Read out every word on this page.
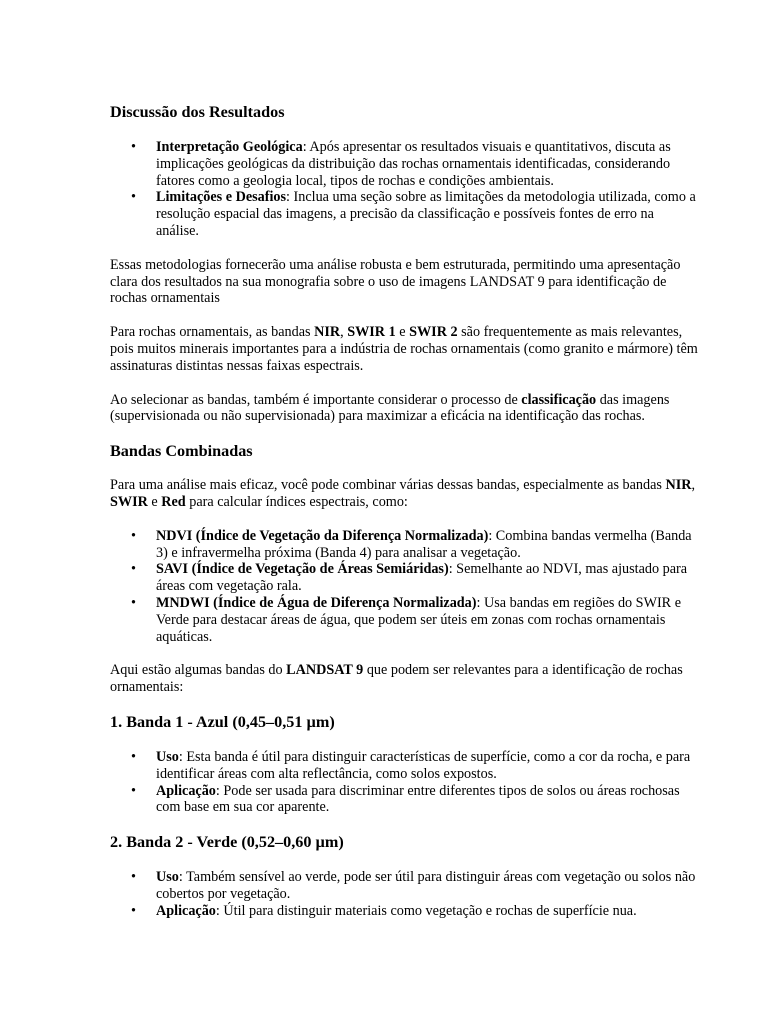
Discussão dos Resultados
• Interpretação Geológica: Após apresentar os resultados visuais e quantitativos, discuta as implicações geológicas da distribuição das rochas ornamentais identificadas, considerando fatores como a geologia local, tipos de rochas e condições ambientais.
• Limitações e Desafios: Inclua uma seção sobre as limitações da metodologia utilizada, como a resolução espacial das imagens, a precisão da classificação e possíveis fontes de erro na análise.

Essas metodologias fornecerão uma análise robusta e bem estruturada, permitindo uma apresentação clara dos resultados na sua monografia sobre o uso de imagens LANDSAT 9 para identificação de rochas ornamentais

Para rochas ornamentais, as bandas NIR, SWIR 1 e SWIR 2 são frequentemente as mais relevantes, pois muitos minerais importantes para a indústria de rochas ornamentais (como granito e mármore) têm assinaturas distintas nessas faixas espectrais.

Ao selecionar as bandas, também é importante considerar o processo de classificação das imagens (supervisionada ou não supervisionada) para maximizar a eficácia na identificação das rochas.

Bandas Combinadas

Para uma análise mais eficaz, você pode combinar várias dessas bandas, especialmente as bandas NIR, SWIR e Red para calcular índices espectrais, como:

• NDVI (Índice de Vegetação da Diferença Normalizada): Combina bandas vermelha (Banda 3) e infravermelha próxima (Banda 4) para analisar a vegetação.
• SAVI (Índice de Vegetação de Áreas Semiáridas): Semelhante ao NDVI, mas ajustado para áreas com vegetação rala.
• MNDWI (Índice de Água de Diferença Normalizada): Usa bandas em regiões do SWIR e Verde para destacar áreas de água, que podem ser úteis em zonas com rochas ornamentais aquáticas.

Aqui estão algumas bandas do LANDSAT 9 que podem ser relevantes para a identificação de rochas ornamentais:

1. Banda 1 - Azul (0,45–0,51 µm)
• Uso: Esta banda é útil para distinguir características de superfície, como a cor da rocha, e para identificar áreas com alta reflectância, como solos expostos.
• Aplicação: Pode ser usada para discriminar entre diferentes tipos de solos ou áreas rochosas com base em sua cor aparente.
2. Banda 2 - Verde (0,52–0,60 µm)
• Uso: Também sensível ao verde, pode ser útil para distinguir áreas com vegetação ou solos não cobertos por vegetação.
• Aplicação: Útil para distinguir materiais como vegetação e rochas de superfície nua.
